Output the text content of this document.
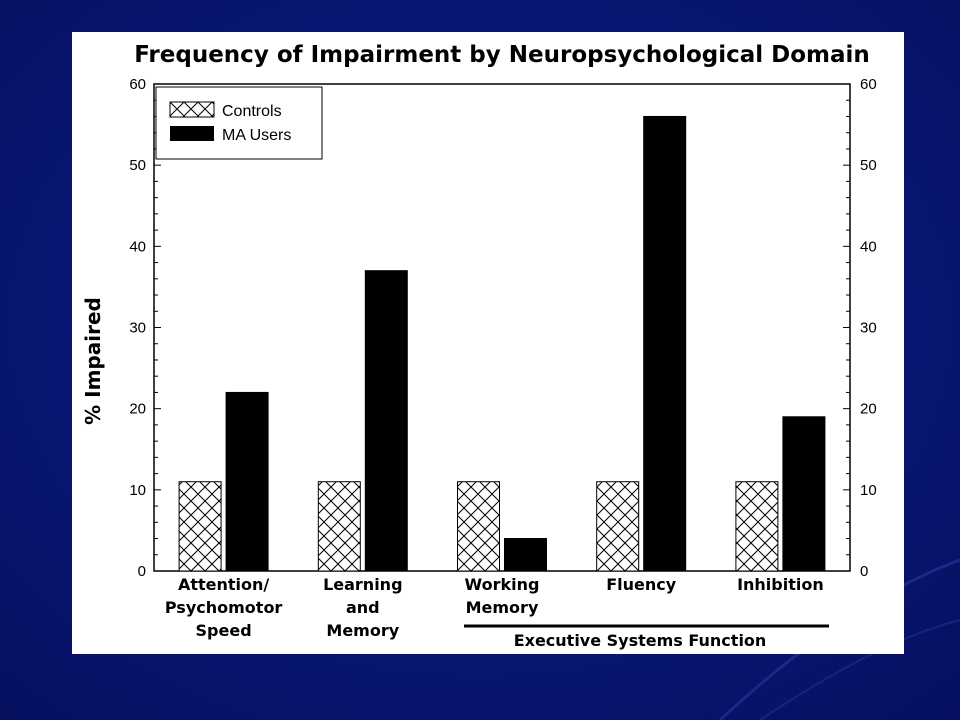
Frequency of Impairment by Neuropsychological Domain
% Impaired
0
10
20
30
40
50
60
0
10
20
30
40
50
60
Attention/ Psychomotor Speed
Learning and Memory
Working Memory
Fluency	Inhibition
Controls
MA Users
Executive Systems Function
